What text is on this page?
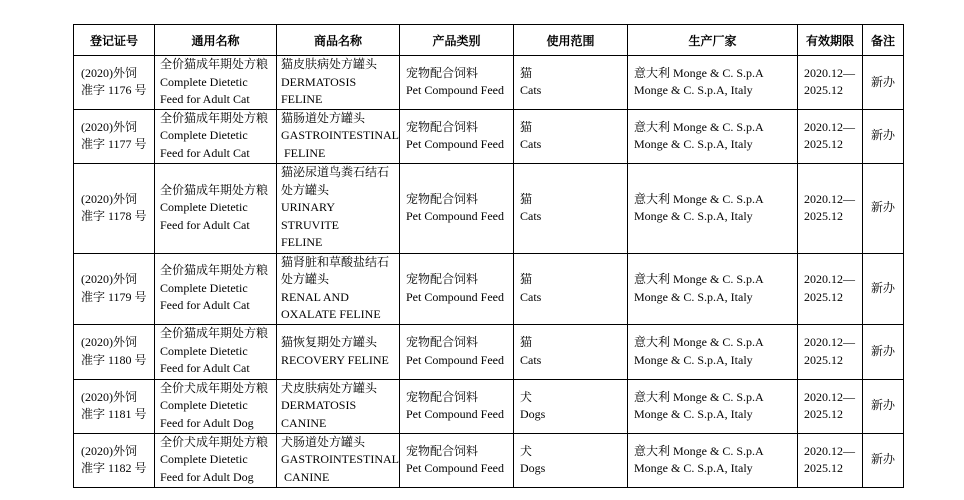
登记证号	通用名称	商品名称	产品类别	使用范围	生产厂家	有效期限	备注

(2020)外饲
准字 1176 号	全价猫成年期处方粮
Complete Dietetic
Feed for Adult Cat	猫皮肤病处方罐头
DERMATOSIS
FELINE	宠物配合饲料
Pet Compound Feed	猫
Cats	意大利 Monge & C. S.p.A
Monge & C. S.p.A, Italy	2020.12—
2025.12	新办

(2020)外饲
准字 1177 号	全价猫成年期处方粮
Complete Dietetic
Feed for Adult Cat	猫肠道处方罐头
GASTROINTESTINAL
FELINE	宠物配合饲料
Pet Compound Feed	猫
Cats	意大利 Monge & C. S.p.A
Monge & C. S.p.A, Italy	2020.12—
2025.12	新办

(2020)外饲
准字 1178 号	全价猫成年期处方粮
Complete Dietetic
Feed for Adult Cat	猫泌尿道鸟粪石结石
处方罐头
URINARY
STRUVITE
FELINE	宠物配合饲料
Pet Compound Feed	猫
Cats	意大利 Monge & C. S.p.A
Monge & C. S.p.A, Italy	2020.12—
2025.12	新办

(2020)外饲
准字 1179 号	全价猫成年期处方粮
Complete Dietetic
Feed for Adult Cat	猫肾脏和草酸盐结石
处方罐头
RENAL AND
OXALATE FELINE	宠物配合饲料
Pet Compound Feed	猫
Cats	意大利 Monge & C. S.p.A
Monge & C. S.p.A, Italy	2020.12—
2025.12	新办

(2020)外饲
准字 1180 号	全价猫成年期处方粮
Complete Dietetic
Feed for Adult Cat	猫恢复期处方罐头
RECOVERY FELINE	宠物配合饲料
Pet Compound Feed	猫
Cats	意大利 Monge & C. S.p.A
Monge & C. S.p.A, Italy	2020.12—
2025.12	新办

(2020)外饲
准字 1181 号	全价犬成年期处方粮
Complete Dietetic
Feed for Adult Dog	犬皮肤病处方罐头
DERMATOSIS
CANINE	宠物配合饲料
Pet Compound Feed	犬
Dogs	意大利 Monge & C. S.p.A
Monge & C. S.p.A, Italy	2020.12—
2025.12	新办

(2020)外饲
准字 1182 号	全价犬成年期处方粮
Complete Dietetic
Feed for Adult Dog	犬肠道处方罐头
GASTROINTESTINAL
CANINE	宠物配合饲料
Pet Compound Feed	犬
Dogs	意大利 Monge & C. S.p.A
Monge & C. S.p.A, Italy	2020.12—
2025.12	新办
